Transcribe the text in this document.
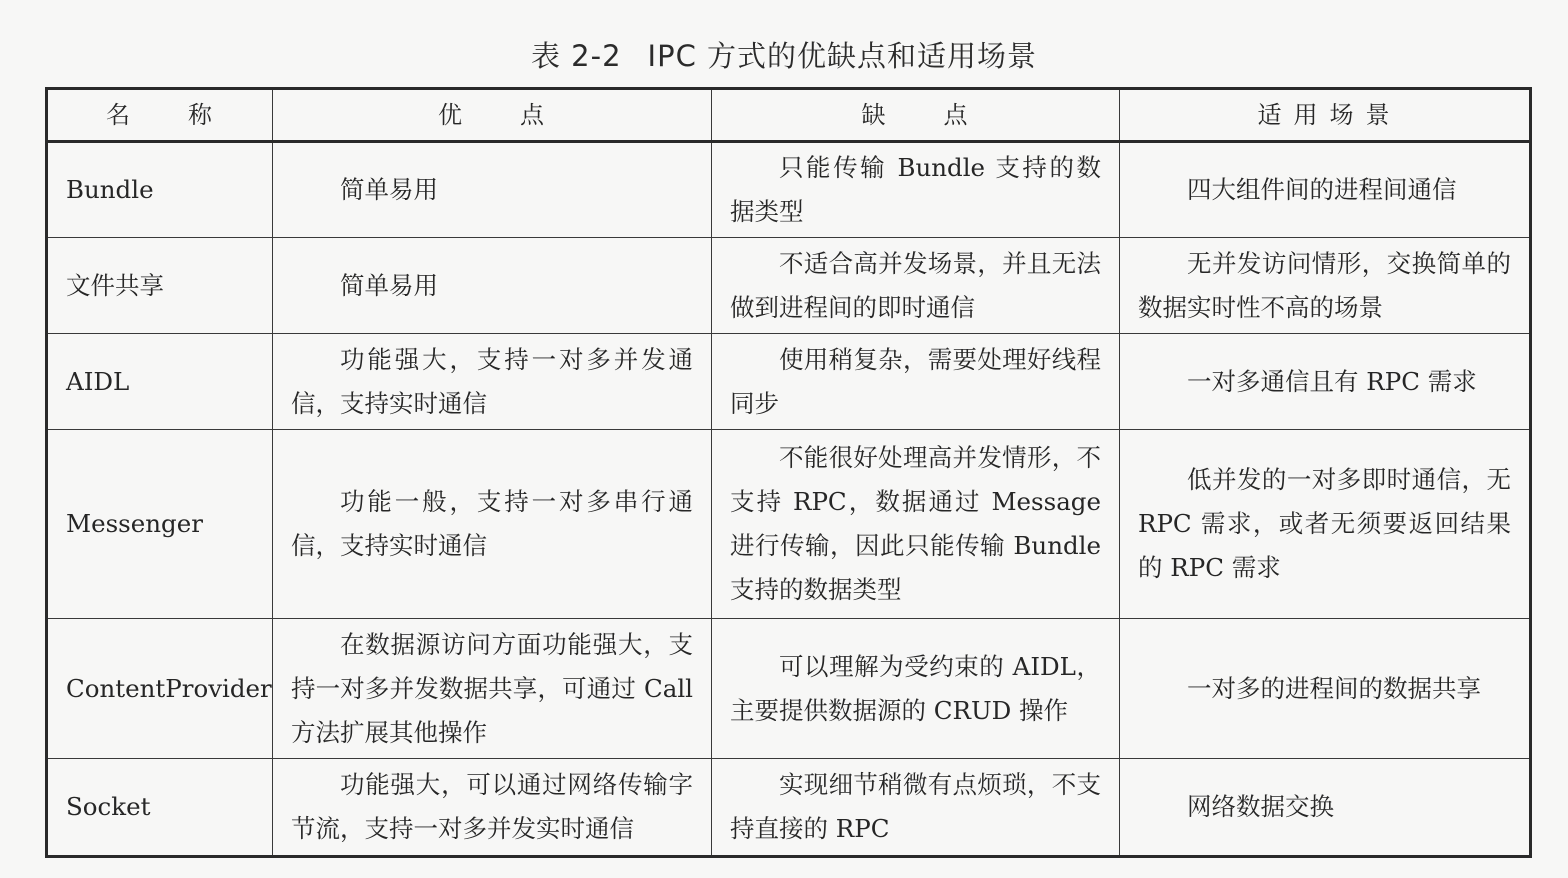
表 2-2 IPC 方式的优缺点和适用场景
名 称	优 点	缺 点	适 用 场 景
Bundle	简单易用	只能传输 Bundle 支持的数据类型	四大组件间的进程间通信

文件共享	简单易用	不适合高并发场景，并且无法做到进程间的即时通信	无并发访问情形，交换简单的数据实时性不高的场景

AIDL	功能强大，支持一对多并发通信，支持实时通信	使用稍复杂，需要处理好线程同步	一对多通信且有 RPC 需求

Messenger	功能一般，支持一对多串行通信，支持实时通信	不能很好处理高并发情形，不支持 RPC，数据通过 Message 进行传输，因此只能传输 Bundle 支持的数据类型	低并发的一对多即时通信，无 RPC 需求，或者无须要返回结果的 RPC 需求

ContentProvider	在数据源访问方面功能强大，支持一对多并发数据共享，可通过 Call 方法扩展其他操作	可以理解为受约束的 AIDL，主要提供数据源的 CRUD 操作	一对多的进程间的数据共享

Socket	功能强大，可以通过网络传输字节流，支持一对多并发实时通信	实现细节稍微有点烦琐，不支持直接的 RPC	网络数据交换
